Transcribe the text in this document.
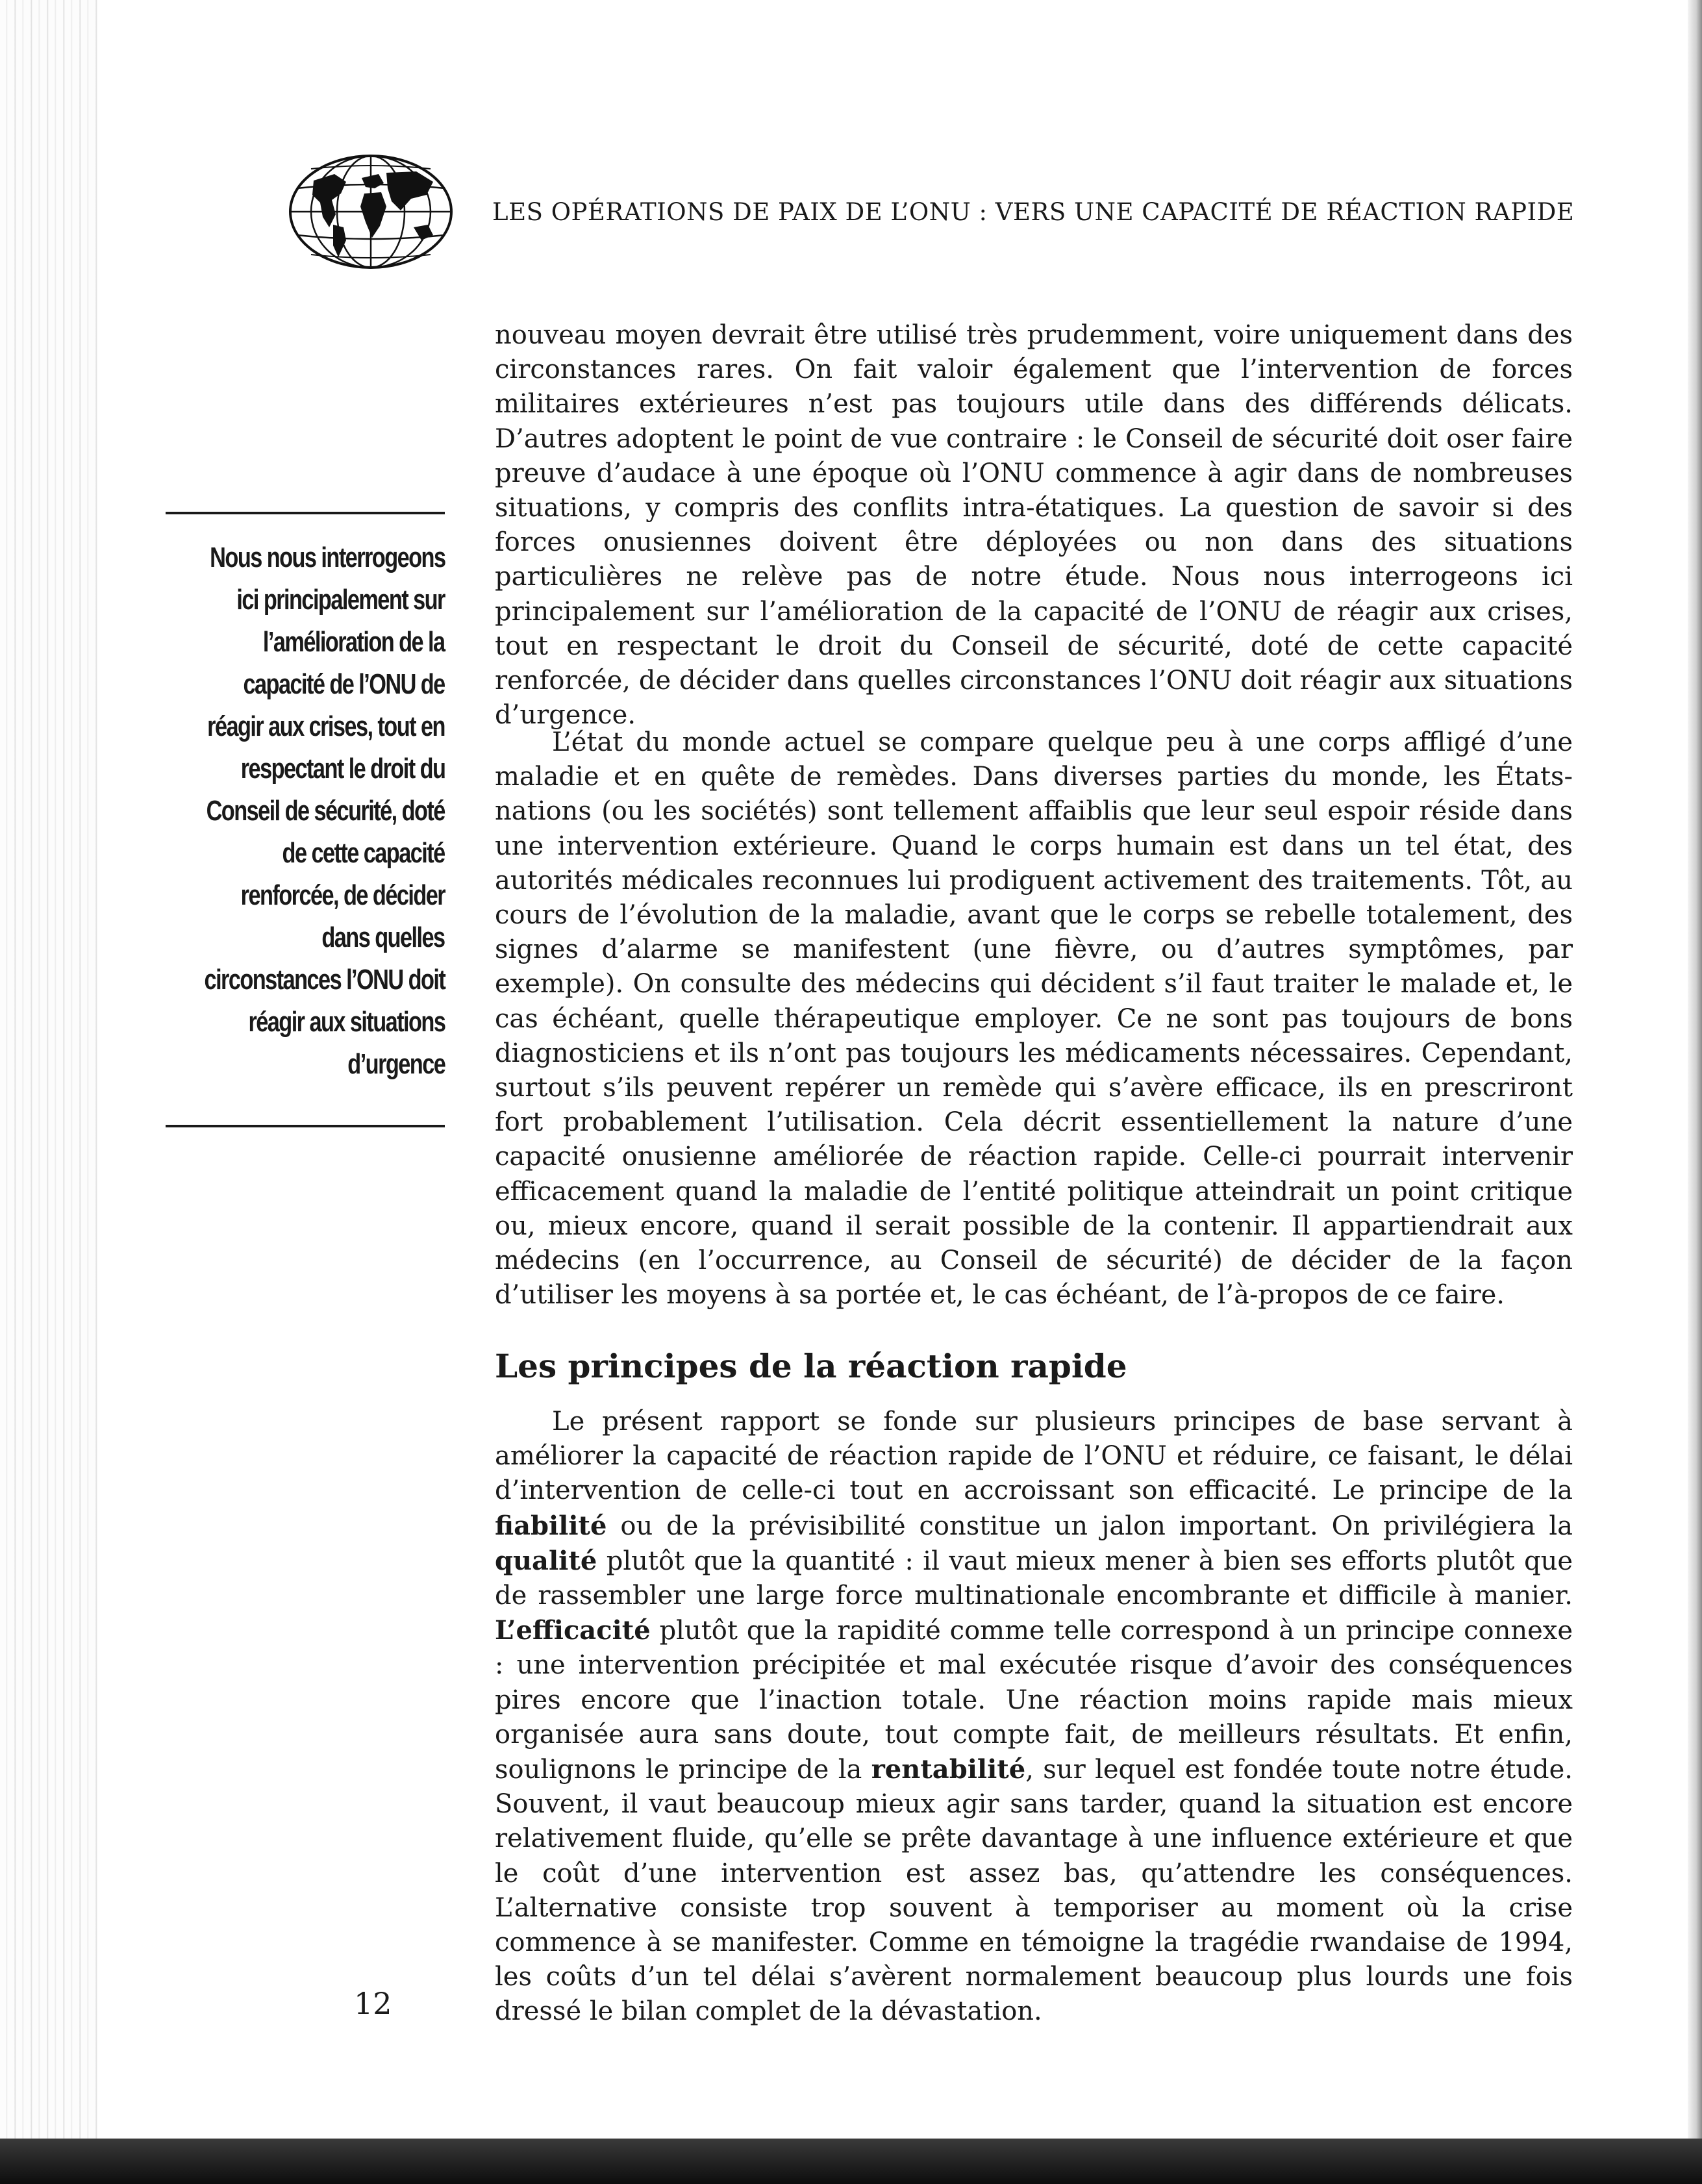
LES OPÉRATIONS DE PAIX DE L’ONU : VERS UNE CAPACITÉ DE RÉACTION RAPIDE

nouveau moyen devrait être utilisé très prudemment, voire uniquement dans des circonstances rares. On fait valoir également que l’intervention de forces militaires extérieures n’est pas toujours utile dans des différends délicats. D’autres adoptent le point de vue contraire : le Conseil de sécurité doit oser faire preuve d’audace à une époque où l’ONU commence à agir dans de nombreuses situations, y compris des conflits intra-étatiques. La question de savoir si des forces onusiennes doivent être déployées ou non dans des situations particulières ne relève pas de notre étude. Nous nous interrogeons ici principalement sur l’amélioration de la capacité de l’ONU de réagir aux crises, tout en respectant le droit du Conseil de sécurité, doté de cette capacité renforcée, de décider dans quelles circonstances l’ONU doit réagir aux situations d’urgence.

L’état du monde actuel se compare quelque peu à une corps affligé d’une maladie et en quête de remèdes. Dans diverses parties du monde, les États-nations (ou les sociétés) sont tellement affaiblis que leur seul espoir réside dans une intervention extérieure. Quand le corps humain est dans un tel état, des autorités médicales reconnues lui prodiguent activement des traitements. Tôt, au cours de l’évolution de la maladie, avant que le corps se rebelle totalement, des signes d’alarme se manifestent (une fièvre, ou d’autres symptômes, par exemple). On consulte des médecins qui décident s’il faut traiter le malade et, le cas échéant, quelle thérapeutique employer. Ce ne sont pas toujours de bons diagnosticiens et ils n’ont pas toujours les médicaments nécessaires. Cependant, surtout s’ils peuvent repérer un remède qui s’avère efficace, ils en prescriront fort probablement l’utilisation. Cela décrit essentiellement la nature d’une capacité onusienne améliorée de réaction rapide. Celle-ci pourrait intervenir efficacement quand la maladie de l’entité politique atteindrait un point critique ou, mieux encore, quand il serait possible de la contenir. Il appartiendrait aux médecins (en l’occurrence, au Conseil de sécurité) de décider de la façon d’utiliser les moyens à sa portée et, le cas échéant, de l’à-propos de ce faire.

Les principes de la réaction rapide

Le présent rapport se fonde sur plusieurs principes de base servant à améliorer la capacité de réaction rapide de l’ONU et réduire, ce faisant, le délai d’intervention de celle-ci tout en accroissant son efficacité. Le principe de la fiabilité ou de la prévisibilité constitue un jalon important. On privilégiera la qualité plutôt que la quantité : il vaut mieux mener à bien ses efforts plutôt que de rassembler une large force multinationale encombrante et difficile à manier. L’efficacité plutôt que la rapidité comme telle correspond à un principe connexe : une intervention précipitée et mal exécutée risque d’avoir des conséquences pires encore que l’inaction totale. Une réaction moins rapide mais mieux organisée aura sans doute, tout compte fait, de meilleurs résultats. Et enfin, soulignons le principe de la rentabilité, sur lequel est fondée toute notre étude. Souvent, il vaut beaucoup mieux agir sans tarder, quand la situation est encore relativement fluide, qu’elle se prête davantage à une influence extérieure et que le coût d’une intervention est assez bas, qu’attendre les conséquences. L’alternative consiste trop souvent à temporiser au moment où la crise commence à se manifester. Comme en témoigne la tragédie rwandaise de 1994, les coûts d’un tel délai s’avèrent normalement beaucoup plus lourds une fois dressé le bilan complet de la dévastation.

12
Nous nous interrogeons
ici principalement sur
l’amélioration de la
capacité de l’ONU de
réagir aux crises, tout en
respectant le droit du
Conseil de sécurité, doté
de cette capacité
renforcée, de décider
dans quelles
circonstances l’ONU doit
réagir aux situations
d’urgence
